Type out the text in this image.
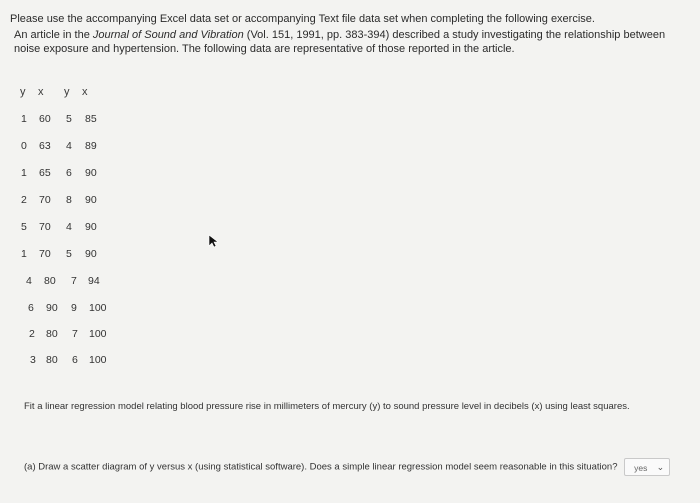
Please use the accompanying Excel data set or accompanying Text file data set when completing the following exercise.
An article in the Journal of Sound and Vibration (Vol. 151, 1991, pp. 383-394) described a study investigating the relationship between noise exposure and hypertension. The following data are representative of those reported in the article.
y x y x
1 60 5 85
0 63 4 89
1 65 6 90
2 70 8 90
5 70 4 90
1 70 5 90
4 80 7 94
6 90 9 100
2 80 7 100
3 80 6 100
Fit a linear regression model relating blood pressure rise in millimeters of mercury (y) to sound pressure level in decibels (x) using least squares.
(a) Draw a scatter diagram of y versus x (using statistical software). Does a simple linear regression model seem reasonable in this situation? yes ⌄
